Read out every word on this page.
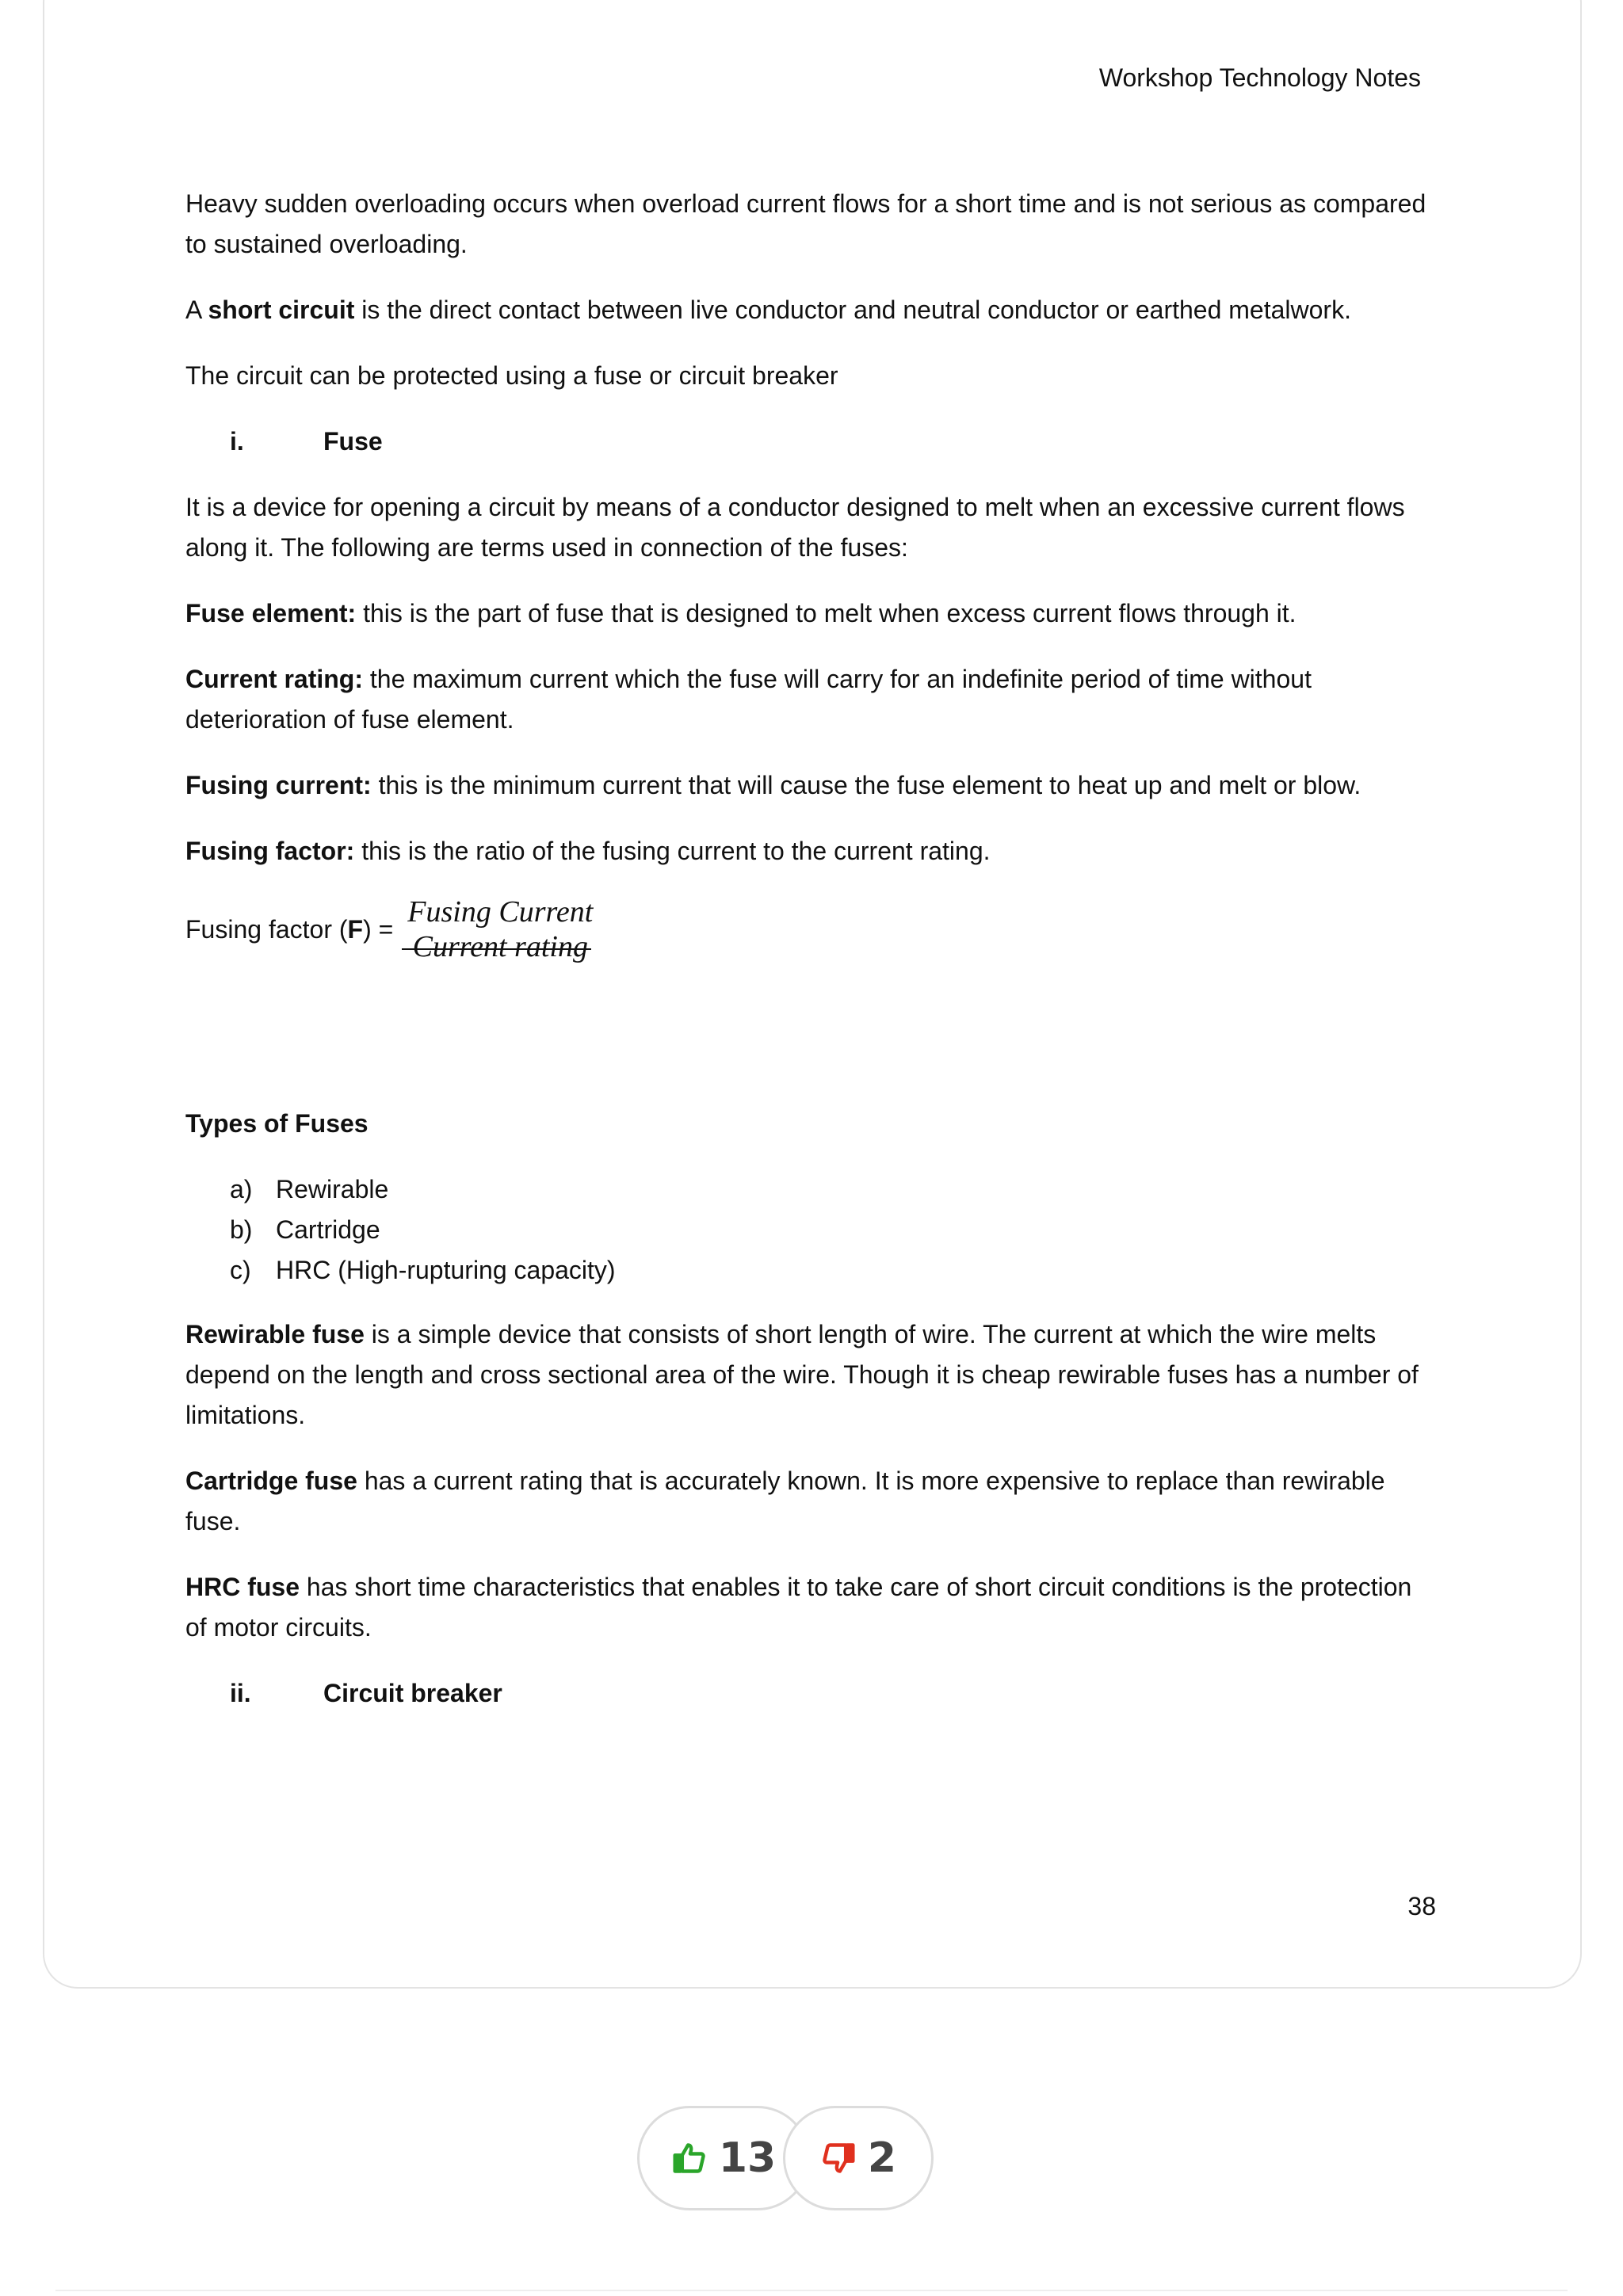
Workshop Technology Notes

Heavy sudden overloading occurs when overload current flows for a short time and is not serious as compared to sustained overloading.

A short circuit is the direct contact between live conductor and neutral conductor or earthed metalwork.

The circuit can be protected using a fuse or circuit breaker

i.	Fuse

It is a device for opening a circuit by means of a conductor designed to melt when an excessive current flows along it. The following are terms used in connection of the fuses:

Fuse element: this is the part of fuse that is designed to melt when excess current flows through it.

Current rating: the maximum current which the fuse will carry for an indefinite period of time without deterioration of fuse element.

Fusing current: this is the minimum current that will cause the fuse element to heat up and melt or blow.

Fusing factor: this is the ratio of the fusing current to the current rating.

Fusing factor (F) =
Fusing Current
Current rating

Types of Fuses

a) Rewirable
b) Cartridge
c) HRC (High-rupturing capacity)

Rewirable fuse is a simple device that consists of short length of wire. The current at which the wire melts depend on the length and cross sectional area of the wire. Though it is cheap rewirable fuses has a number of limitations.

Cartridge fuse has a current rating that is accurately known. It is more expensive to replace than rewirable fuse.

HRC fuse has short time characteristics that enables it to take care of short circuit conditions is the protection of motor circuits.

ii.	Circuit breaker
38
13 2
